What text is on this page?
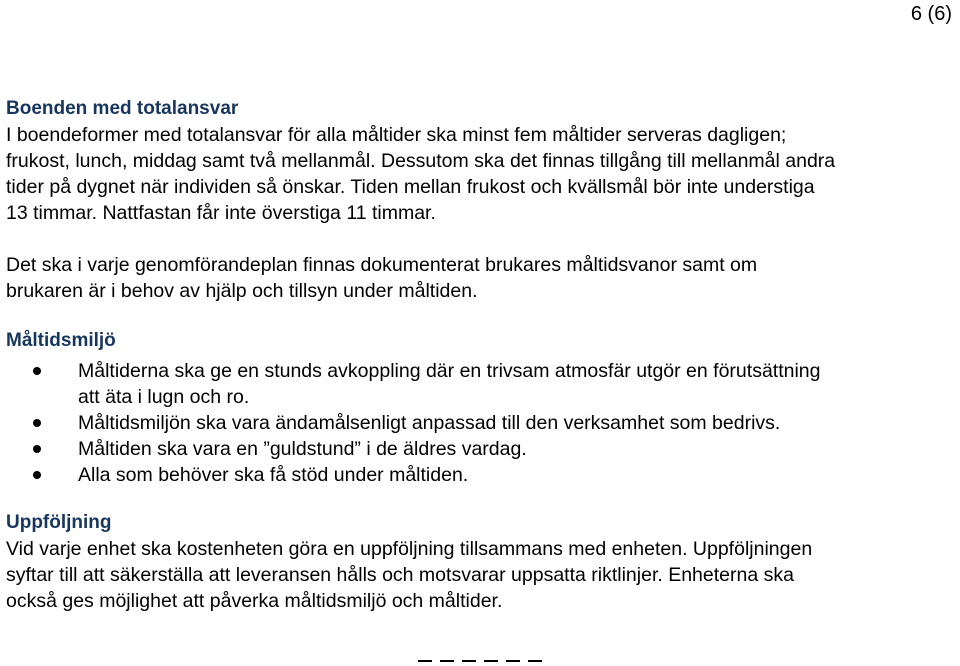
6 (6)
Boenden med totalansvar
I boendeformer med totalansvar för alla måltider ska minst fem måltider serveras dagligen;
frukost, lunch, middag samt två mellanmål. Dessutom ska det finnas tillgång till mellanmål andra
tider på dygnet när individen så önskar. Tiden mellan frukost och kvällsmål bör inte understiga
13 timmar. Nattfastan får inte överstiga 11 timmar.
Det ska i varje genomförandeplan finnas dokumenterat brukares måltidsvanor samt om
brukaren är i behov av hjälp och tillsyn under måltiden.
Måltidsmiljö
Måltiderna ska ge en stunds avkoppling där en trivsam atmosfär utgör en förutsättning
att äta i lugn och ro.
Måltidsmiljön ska vara ändamålsenligt anpassad till den verksamhet som bedrivs.
Måltiden ska vara en ”guldstund” i de äldres vardag.
Alla som behöver ska få stöd under måltiden.
Uppföljning
Vid varje enhet ska kostenheten göra en uppföljning tillsammans med enheten. Uppföljningen
syftar till att säkerställa att leveransen hålls och motsvarar uppsatta riktlinjer. Enheterna ska
också ges möjlighet att påverka måltidsmiljö och måltider.
